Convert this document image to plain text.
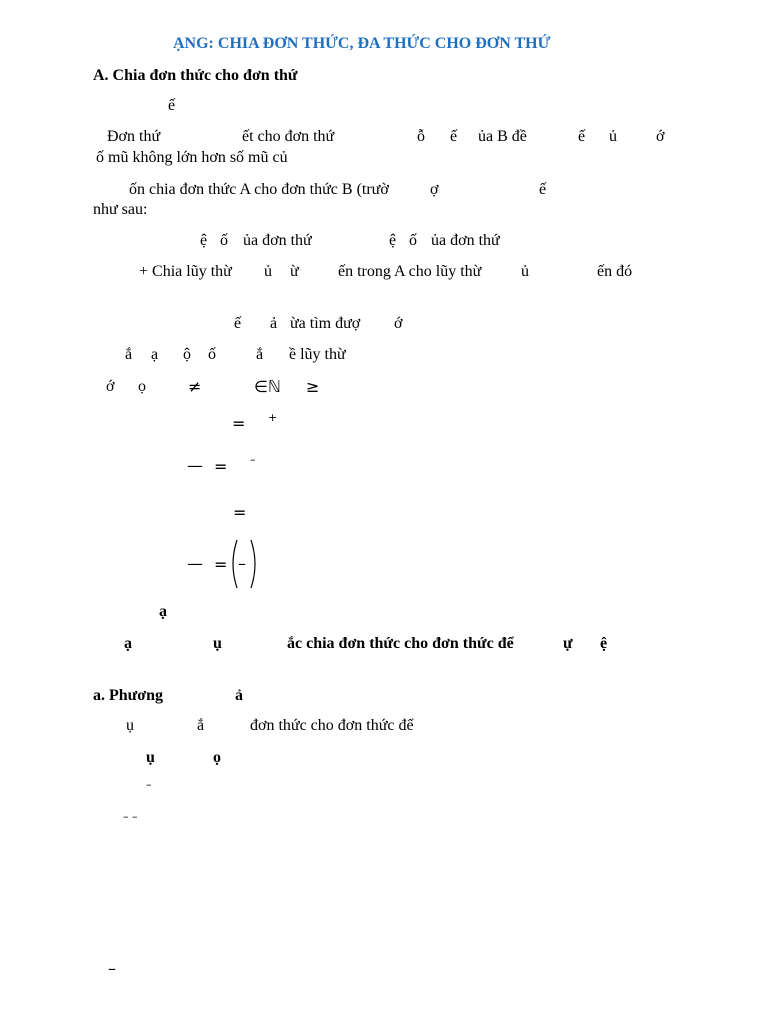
ẠNG: CHIA ĐƠN THỨC, ĐA THỨC CHO ĐƠN THỨ
A. Chia đơn thức cho đơn thứ
ế
Đơn thứ	ết cho đơn thứ	ỗ ế ủa B đề	ế ủ ớ
ố mũ không lớn hơn số mũ củ
ốn chia đơn thức A cho đơn thức B (trườ	ợ	ế
như sau:
ệ ố ủa đơn thứ	ệ ố ủa đơn thứ
+ Chia lũy thừ ủ ừ ến trong A cho lũy thừ ủ	ến đó
ế ả ừa tìm đượ ớ
ắ ạ ộ ố	ắ ề lũy thừ
ớ ọ	≠	∈ℕ ≥
= +
— = –
=
— = –
ạ
ạ	ụ	ắc chia đơn thức cho đơn thức để	ự ệ
a. Phương	ả
ụ	ắ	đơn thức cho đơn thức để
ụ	ọ
–
– –
–
